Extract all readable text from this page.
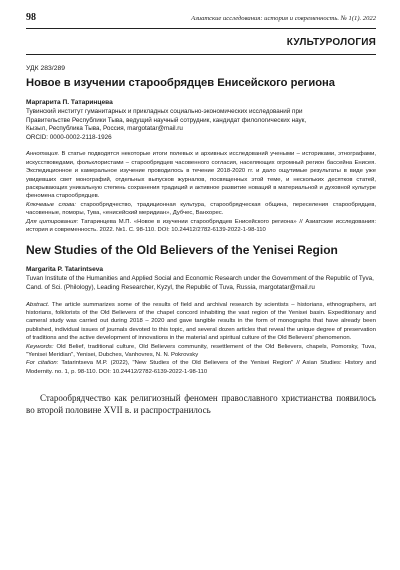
98	Азиатские исследования: история и современность. № 1(1). 2022
КУЛЬТУРОЛОГИЯ
УДК 283/289
Новое в изучении старообрядцев Енисейского региона
Маргарита П. Татаринцева
Тувинский институт гуманитарных и прикладных социально-экономических исследований при
Правительстве Республики Тыва, ведущий научный сотрудник, кандидат филологических наук,
Кызыл, Республика Тыва, Россия, margotatar@mail.ru
ORCID: 0000-0002-2118-1926
Аннотация. В статье подводятся некоторые итоги полевых и архивных исследований учеными – историками, этнографами, искусствоведами, фольклористами – старообрядцев часовенного согласия, населяющих огромный регион бассейна Енисея. Экспедиционное и камеральное изучение проводилось в течение 2018-2020 гг. и дало ощутимые результаты в виде уже увидевших свет монографий, отдельных выпусков журналов, посвященных этой теме, и нескольких десятков статей, раскрывающих уникальную степень сохранения традиций и активное развитие новаций в материальной и духовной культуре феномена старообрядцев.
Ключевые слова: старообрядчество, традиционная культура, старообрядческая община, переселения старообрядцев, часовенные, поморы, Тува, «енисейский меридиан», Дубчес, Ванхорес.
Для цитирования: Татаринцева М.П. «Новое в изучении старообрядцев Енисейского региона» // Азиатские исследования: история и современность. 2022. №1. С. 98-110. DOI: 10.24412/2782-6139-2022-1-98-110
New Studies of the Old Believers of the Yenisei Region
Margarita P. Tatarintseva
Tuvan Institute of the Humanities and Applied Social and Economic Research under the Government of the Republic of Tyva, Cand. of Sci. (Philology), Leading Researcher, Kyzyl, the Republic of Tuva, Russia, margotatar@mail.ru
Abstract. The article summarizes some of the results of field and archival research by scientists – historians, ethnographers, art historians, folklorists of the Old Believers of the chapel concord inhabiting the vast region of the Yenisei basin. Expeditionary and cameral study was carried out during 2018 – 2020 and gave tangible results in the form of monographs that have already been published, individual issues of journals devoted to this topic, and several dozen articles that reveal the unique degree of preservation of traditions and the active development of innovations in the material and spiritual culture of the Old Believers' phenomenon.
Keywords: Old Belief, traditional culture, Old Believers community, resettlement of the Old Believers, chapels, Pomorsky, Tuva, "Yenisei Meridian", Yenisei, Dubches, Vanhovres, N. N. Pokrovsky
For citation: Tatarintseva M.P. (2022), "New Studies of the Old Believers of the Yenisei Region" // Asian Studies: History and Modernity. no. 1, p. 98-110. DOI: 10.24412/2782-6139-2022-1-98-110
Старообрядчество как религиозный феномен православного христианства появилось во второй половине XVII в. и распространилось
